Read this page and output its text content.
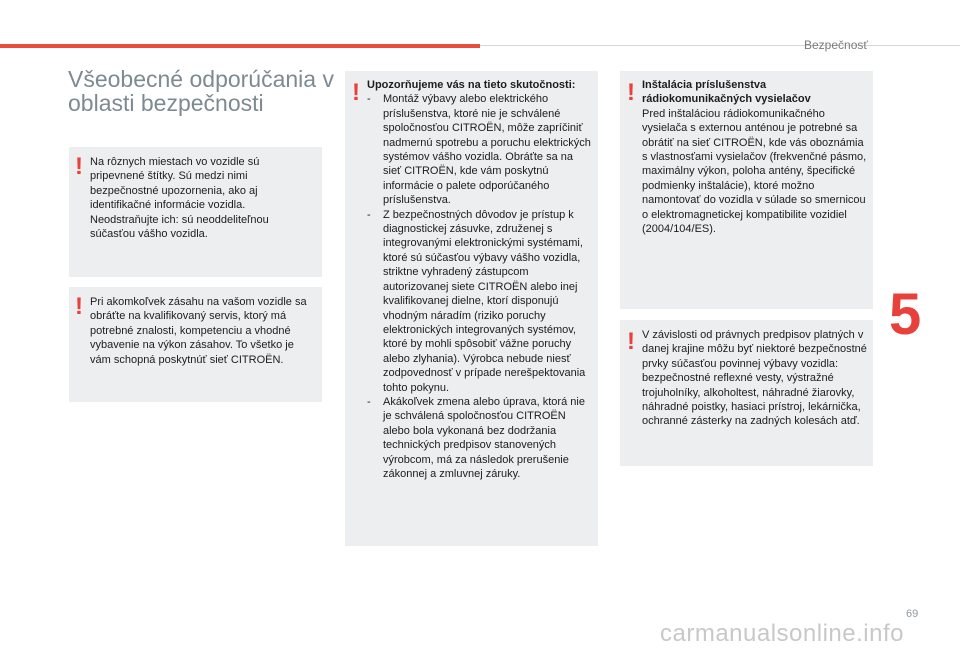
Bezpečnosť
Všeobecné odporúčania v oblasti bezpečnosti
! Na rôznych miestach vo vozidle sú pripevnené štítky. Sú medzi nimi bezpečnostné upozornenia, ako aj identifikačné informácie vozidla. Neodstraňujte ich: sú neoddeliteľnou súčasťou vášho vozidla.

! Pri akomkoľvek zásahu na vašom vozidle sa obráťte na kvalifikovaný servis, ktorý má potrebné znalosti, kompetenciu a vhodné vybavenie na výkon zásahov. To všetko je vám schopná poskytnúť sieť CITROËN.

! Upozorňujeme vás na tieto skutočnosti:

- Montáž výbavy alebo elektrického príslušenstva, ktoré nie je schválené spoločnosťou CITROËN, môže zapríčiniť nadmernú spotrebu a poruchu elektrických systémov vášho vozidla. Obráťte sa na sieť CITROËN, kde vám poskytnú informácie o palete odporúčaného príslušenstva.
- Z bezpečnostných dôvodov je prístup k diagnostickej zásuvke, združenej s integrovanými elektronickými systémami, ktoré sú súčasťou výbavy vášho vozidla, striktne vyhradený zástupcom autorizovanej siete CITROËN alebo inej kvalifikovanej dielne, ktorí disponujú vhodným náradím (riziko poruchy elektronických integrovaných systémov, ktoré by mohli spôsobiť vážne poruchy alebo zlyhania). Výrobca nebude niesť zodpovednosť v prípade nerešpektovania tohto pokynu.
- Akákoľvek zmena alebo úprava, ktorá nie je schválená spoločnosťou CITROËN alebo bola vykonaná bez dodržania technických predpisov stanovených výrobcom, má za následok prerušenie zákonnej a zmluvnej záruky.
! Inštalácia príslušenstva rádiokomunikačných vysielačov

Pred inštaláciou rádiokomunikačného vysielača s externou anténou je potrebné sa obrátiť na sieť CITROËN, kde vás oboznámia s vlastnosťami vysielačov (frekvenčné pásmo, maximálny výkon, poloha antény, špecifické podmienky inštalácie), ktoré možno namontovať do vozidla v súlade so smernicou o elektromagnetickej kompatibilite vozidiel (2004/104/ES).

! V závislosti od právnych predpisov platných v danej krajine môžu byť niektoré bezpečnostné prvky súčasťou povinnej výbavy vozidla: bezpečnostné reflexné vesty, výstražné trojuholníky, alkoholtest, náhradné žiarovky, náhradné poistky, hasiaci prístroj, lekárnička, ochranné zásterky na zadných kolesách atď.

5
69
carmanualsonline.info
